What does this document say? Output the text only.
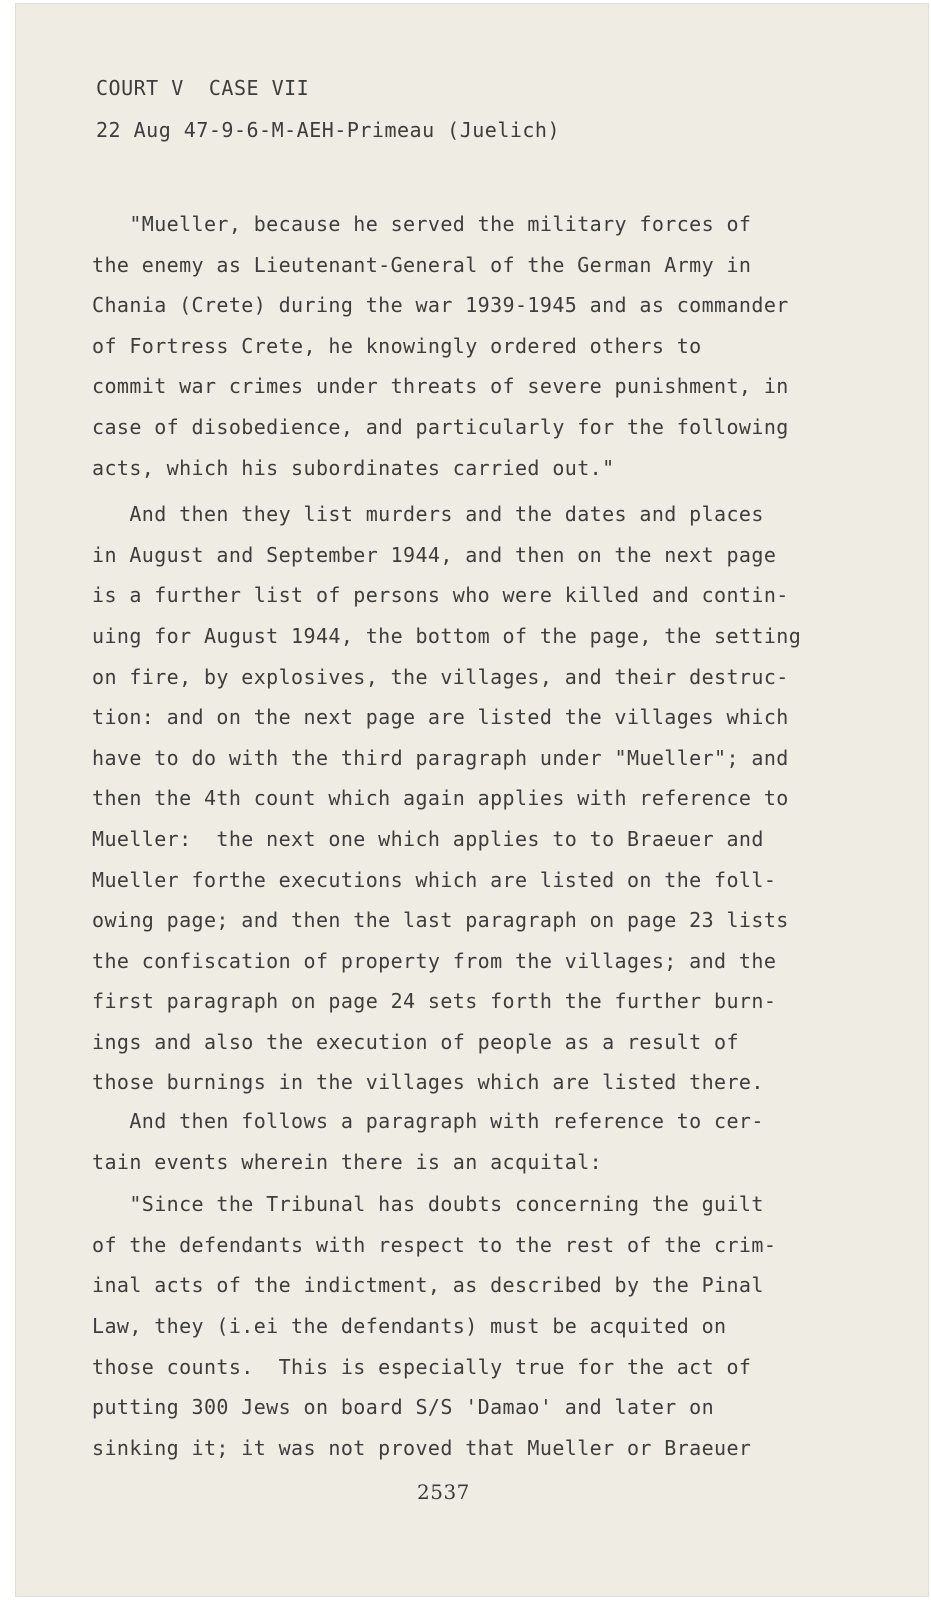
COURT V  CASE VII

22 Aug 47-9-6-M-AEH-Primeau (Juelich)

"Mueller, because he served the military forces of

the enemy as Lieutenant-General of the German Army in

Chania (Crete) during the war 1939-1945 and as commander

of Fortress Crete, he knowingly ordered others to

commit war crimes under threats of severe punishment, in

case of disobedience, and particularly for the following

acts, which his subordinates carried out."

And then they list murders and the dates and places

in August and September 1944, and then on the next page

is a further list of persons who were killed and contin-

uing for August 1944, the bottom of the page, the setting

on fire, by explosives, the villages, and their destruc-

tion: and on the next page are listed the villages which

have to do with the third paragraph under "Mueller"; and

then the 4th count which again applies with reference to

Mueller:  the next one which applies to to Braeuer and

Mueller forthe executions which are listed on the foll-

owing page; and then the last paragraph on page 23 lists

the confiscation of property from the villages; and the

first paragraph on page 24 sets forth the further burn-

ings and also the execution of people as a result of

those burnings in the villages which are listed there.

And then follows a paragraph with reference to cer-

tain events wherein there is an acquital:

"Since the Tribunal has doubts concerning the guilt

of the defendants with respect to the rest of the crim-

inal acts of the indictment, as described by the Pinal

Law, they (i.ei the defendants) must be acquited on

those counts.  This is especially true for the act of

putting 300 Jews on board S/S 'Damao' and later on

sinking it; it was not proved that Mueller or Braeuer

2537
